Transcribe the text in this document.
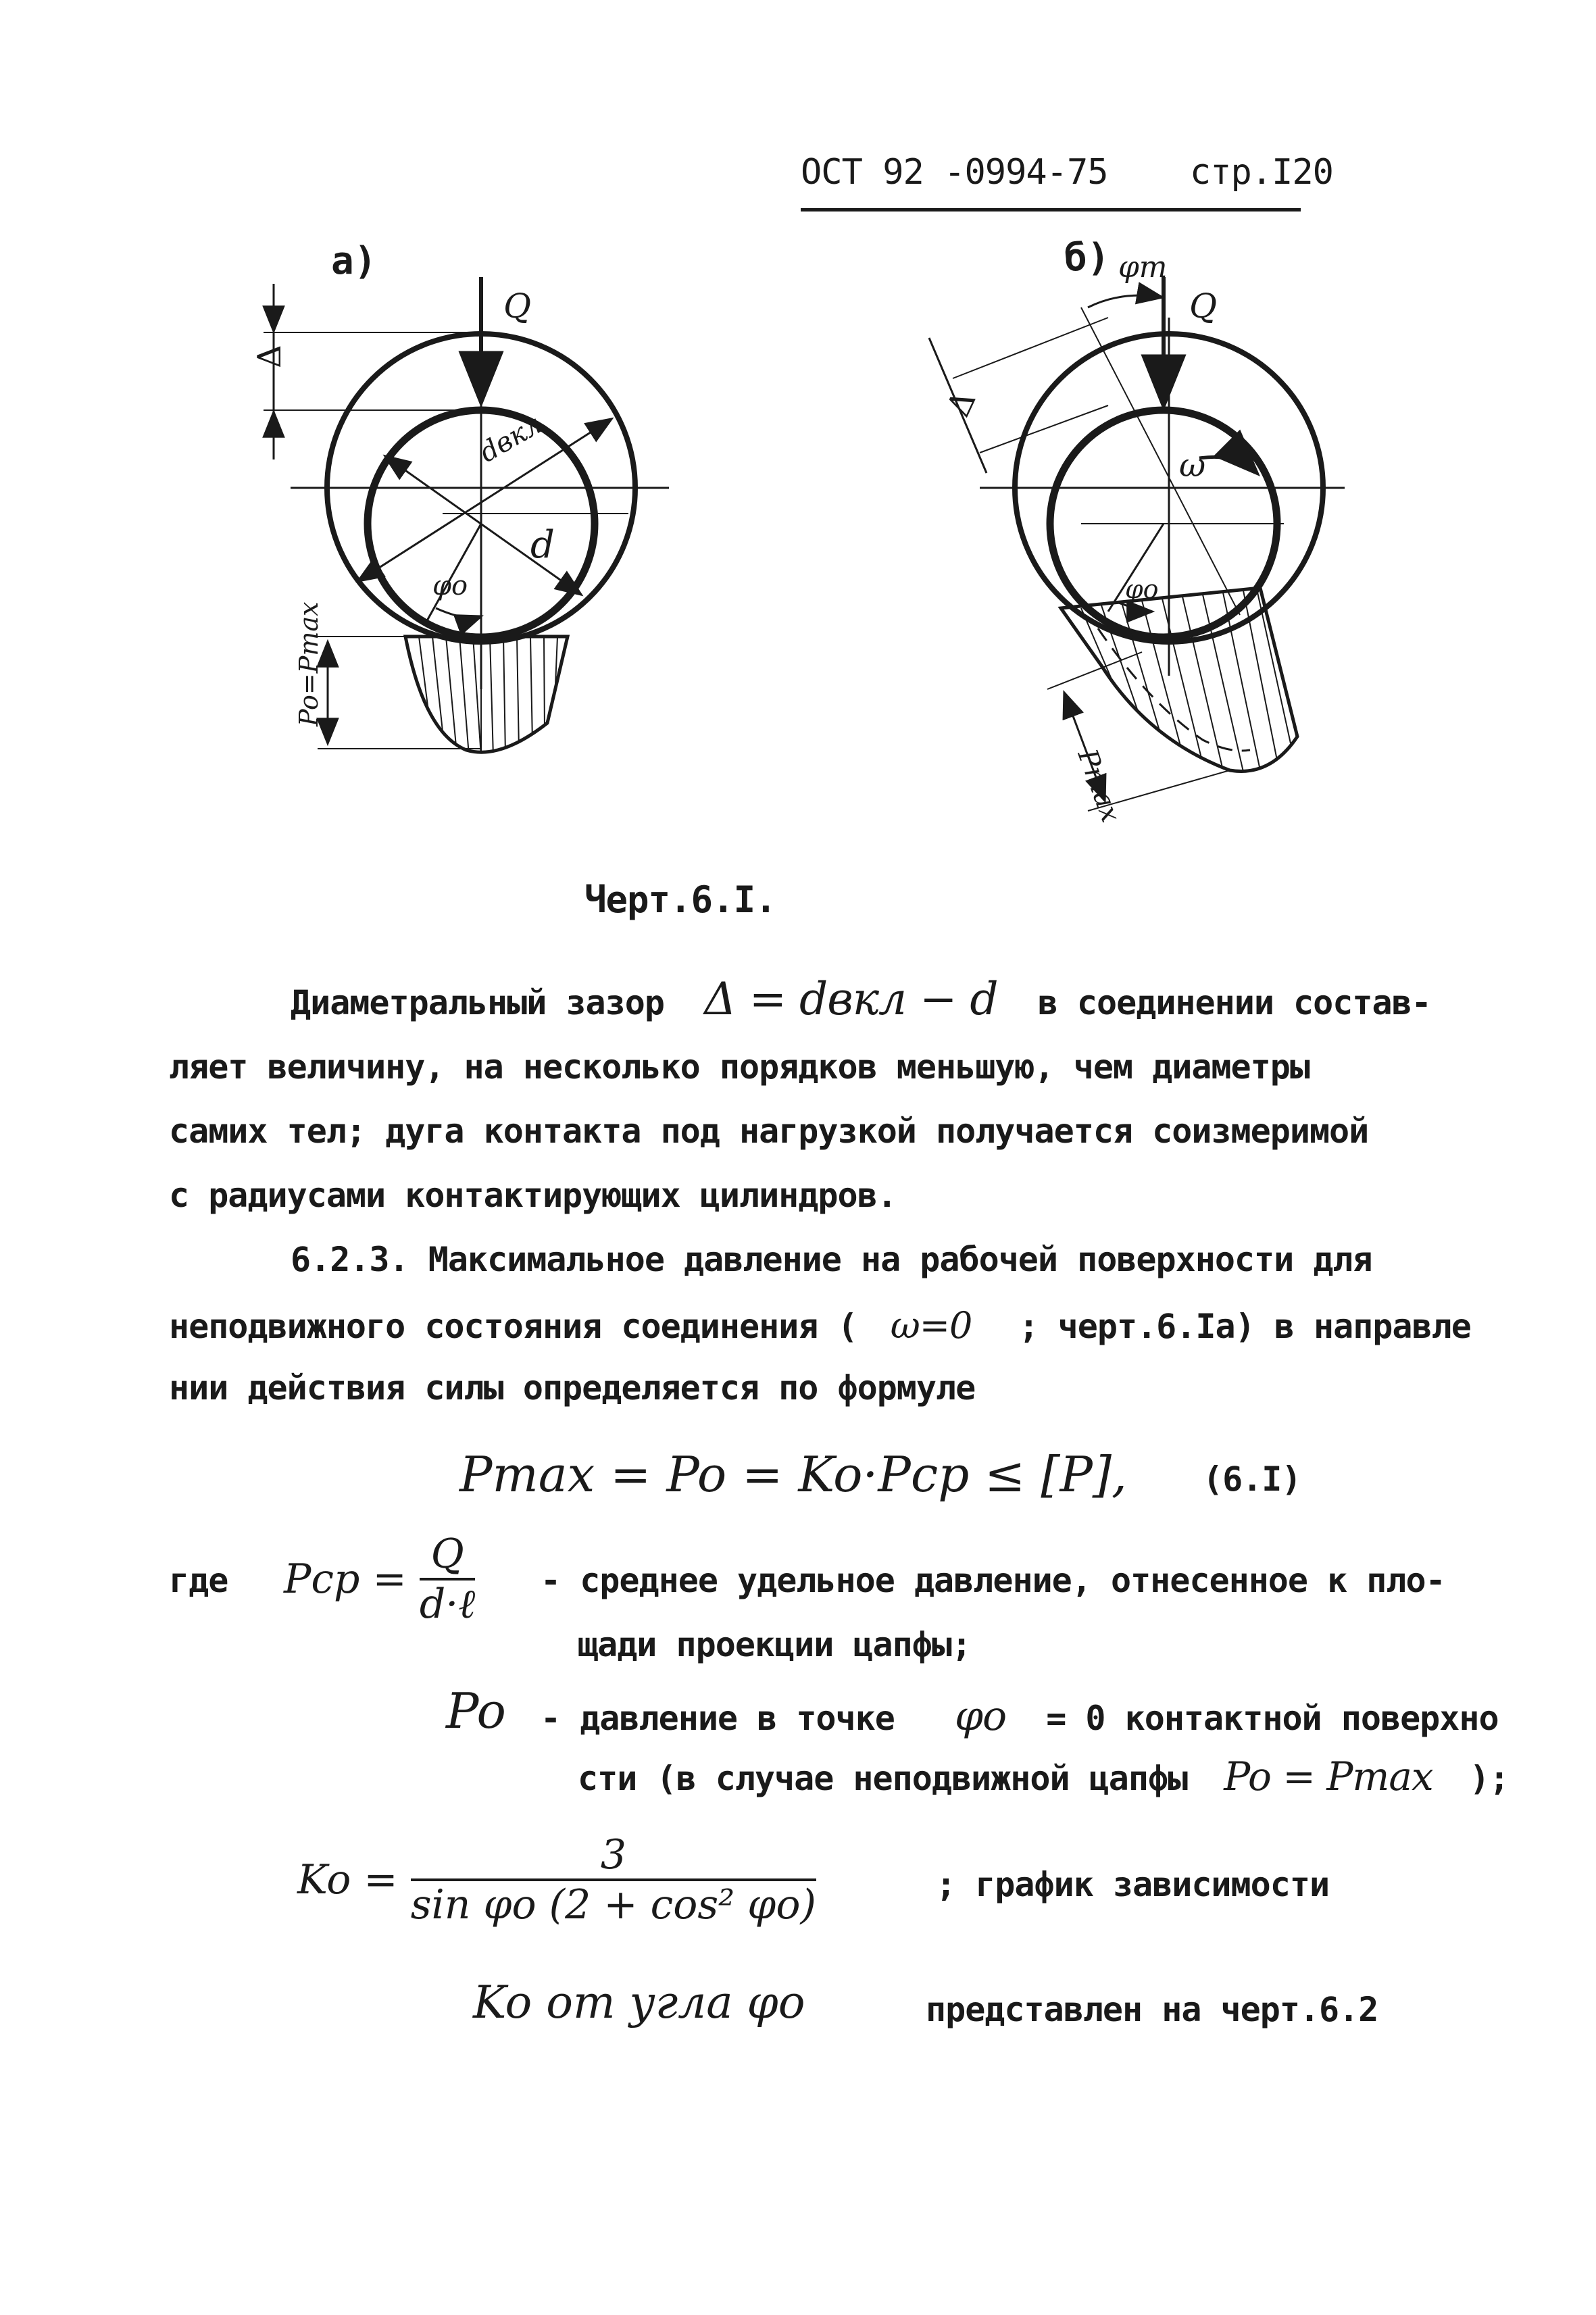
ОСТ 92 -0994-75 стр.I20
а)
Q
Δ
dвкл
d
φo
Po=Pmax
б) φm
Q
Δ
ω
φo
Pmax
Черт.6.I.
Диаметральный зазор Δ = dвкл − d в соединении состав-
ляет величину, на несколько порядков меньшую, чем диаметры
самих тел; дуга контакта под нагрузкой получается соизмеримой
с радиусами контактирующих цилиндров.
6.2.3. Максимальное давление на рабочей поверхности для
неподвижного состояния соединения ( ω=0 ; черт.6.Iа) в направле
нии действия силы определяется по формуле
Pmax = Po = Ko·Pcp ≤ [P], (6.I)
где Pcp = $\frac{Q}{\text{d·ℓ}}$ - среднее удельное давление, отнесенное к пло-
щади проекции цапфы;
Po - давление в точке φo = 0 контактной поверхно
сти (в случае неподвижной цапфы Po = Pmax );
$Ko = \frac{3}{\text{sin φo (2 + cos² φo)}}$	; график зависимости
Ko от угла φo	представлен на черт.6.2
